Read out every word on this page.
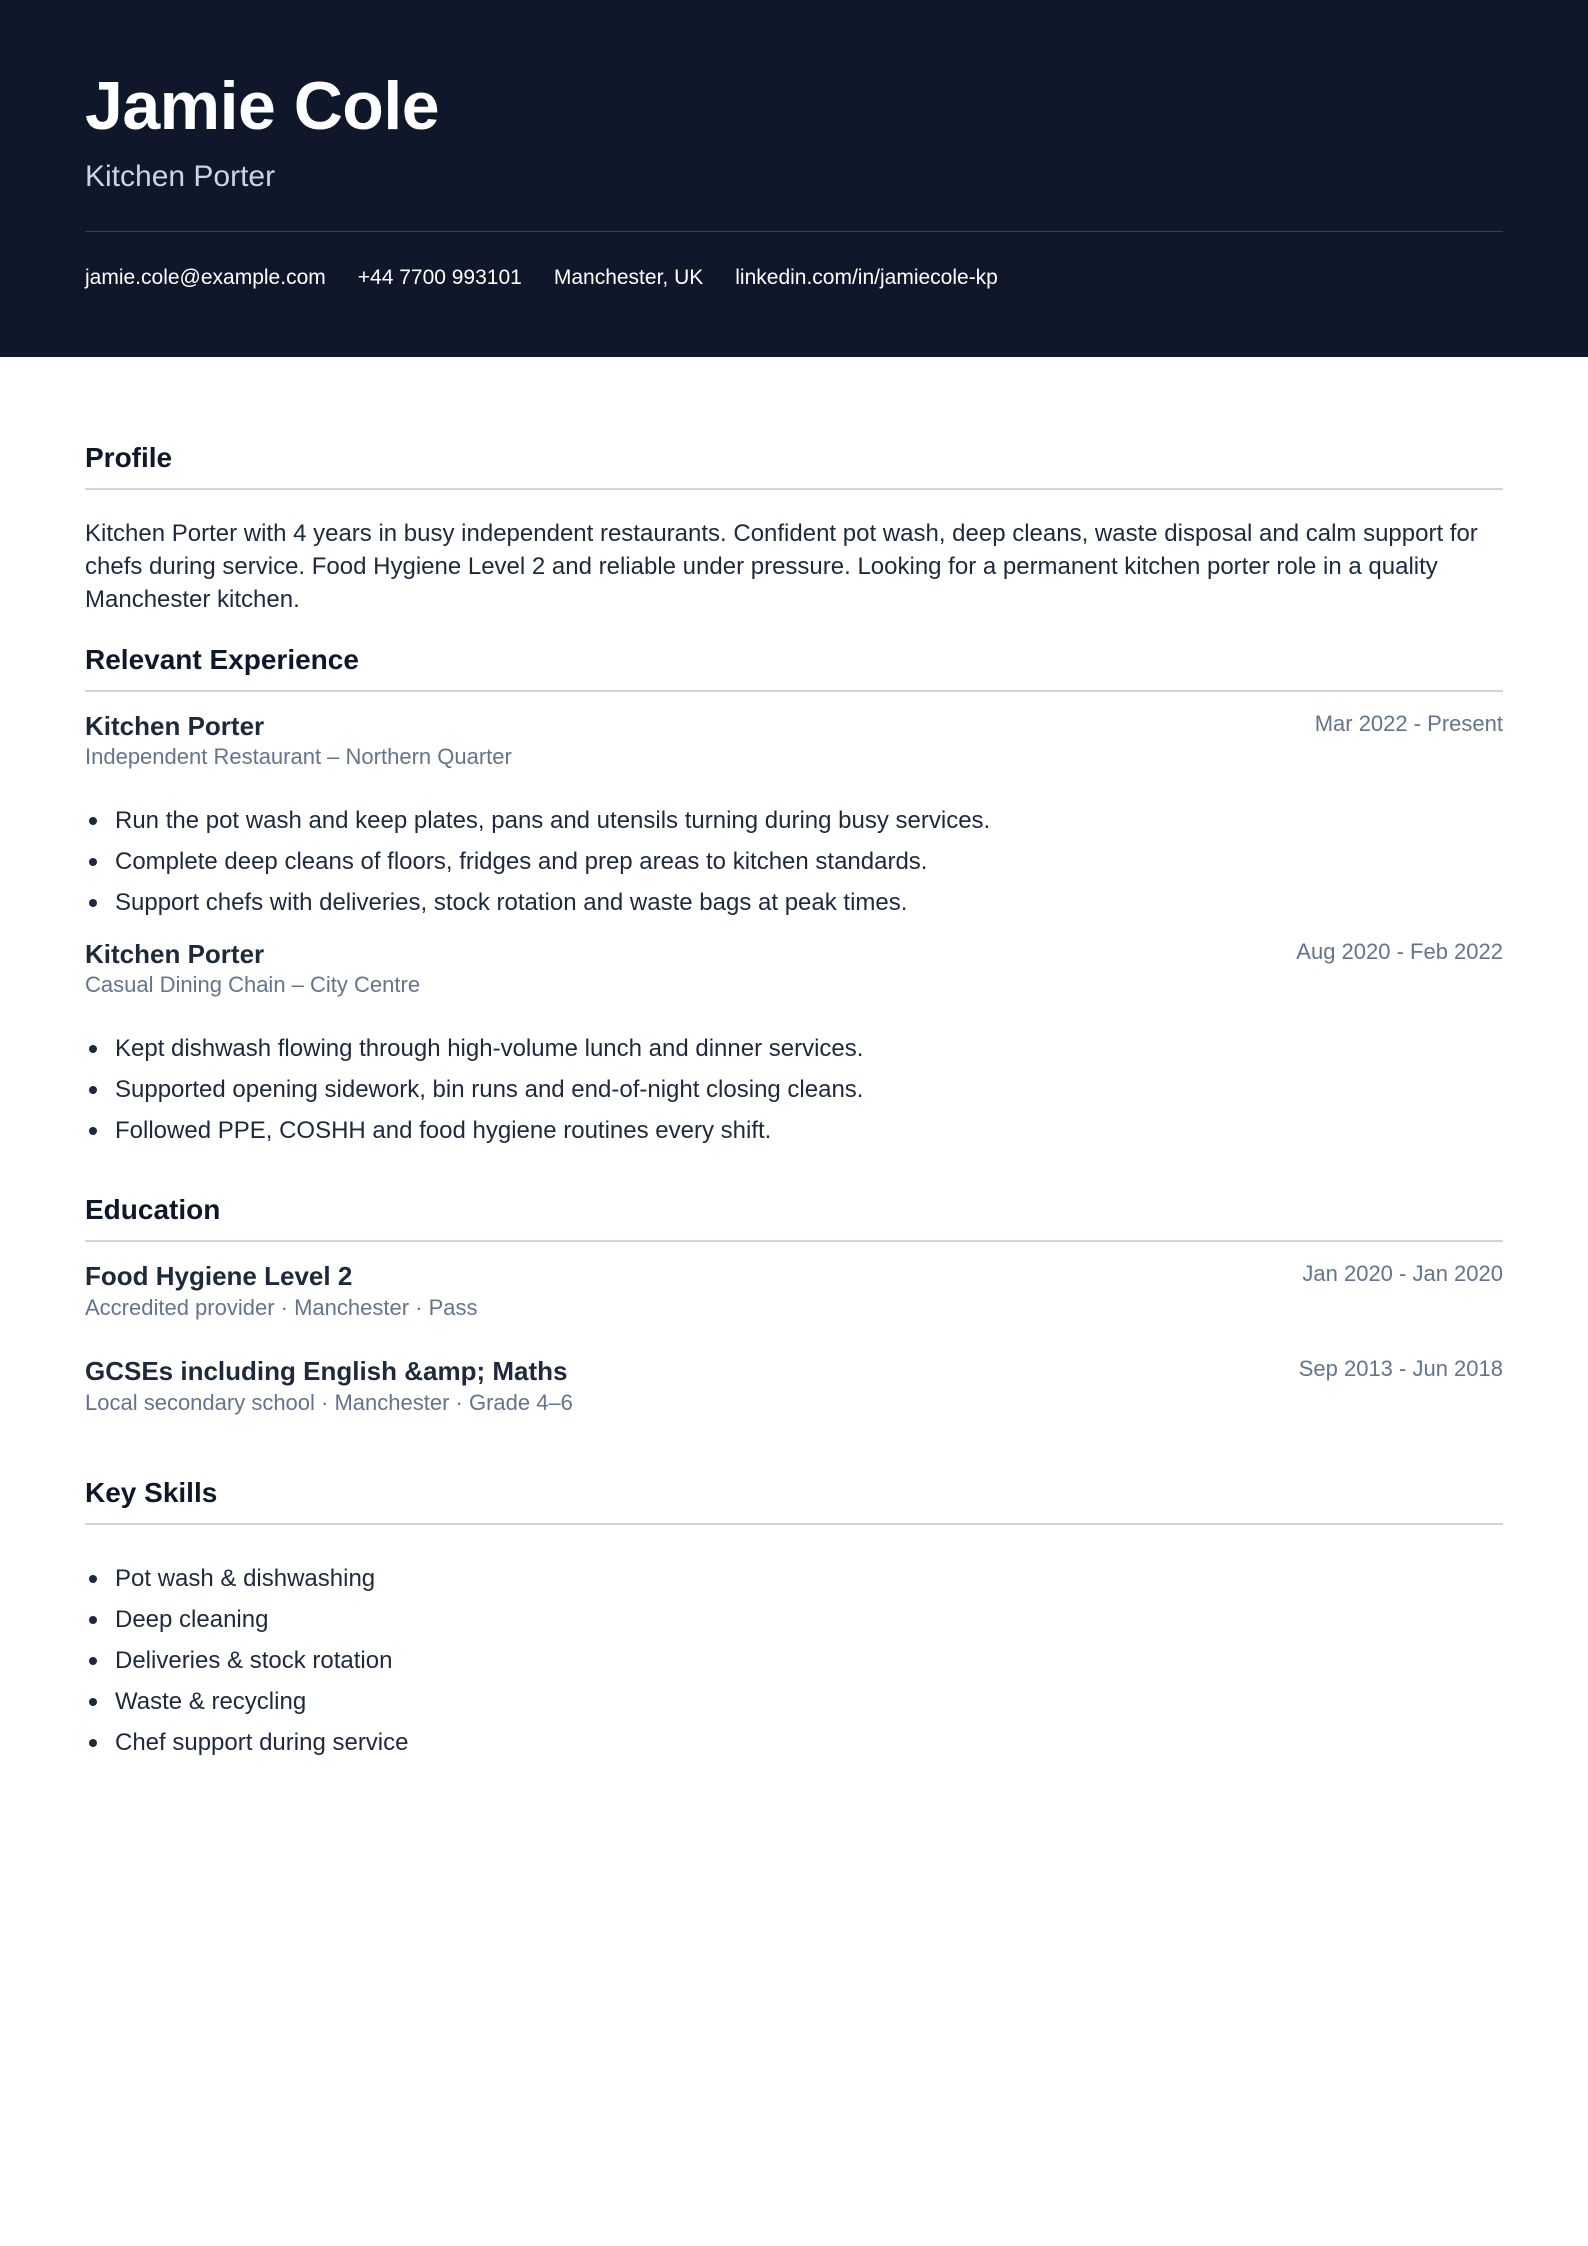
Jamie Cole
Kitchen Porter
jamie.cole@example.com +44 7700 993101 Manchester, UK linkedin.com/in/jamiecole-kp
Profile

Kitchen Porter with 4 years in busy independent restaurants. Confident pot wash, deep cleans, waste disposal and calm support for chefs during service. Food Hygiene Level 2 and reliable under pressure. Looking for a permanent kitchen porter role in a quality Manchester kitchen.

Relevant Experience
Kitchen Porter	Mar 2022 - Present
Independent Restaurant – Northern Quarter
Run the pot wash and keep plates, pans and utensils turning during busy services.
Complete deep cleans of floors, fridges and prep areas to kitchen standards.
Support chefs with deliveries, stock rotation and waste bags at peak times.
Kitchen Porter	Aug 2020 - Feb 2022
Casual Dining Chain – City Centre
Kept dishwash flowing through high-volume lunch and dinner services.
Supported opening sidework, bin runs and end-of-night closing cleans.
Followed PPE, COSHH and food hygiene routines every shift.
Education
Food Hygiene Level 2	Jan 2020 - Jan 2020
Accredited provider · Manchester · Pass
GCSEs including English &amp; Maths	Sep 2013 - Jun 2018
Local secondary school · Manchester · Grade 4–6
Key Skills
Pot wash & dishwashing
Deep cleaning
Deliveries & stock rotation
Waste & recycling
Chef support during service
